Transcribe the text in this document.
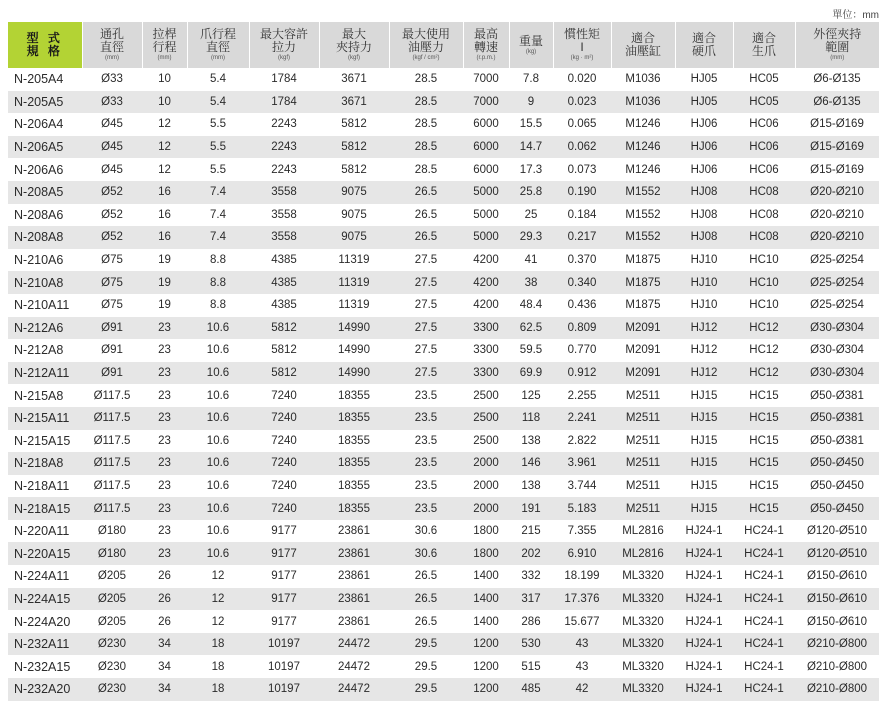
單位：mm
型 式
規 格	通孔
直徑
(mm)	拉桿
行程
(mm)	爪行程
直徑
(mm)	最大容許
拉力
(kgf)	最大
夾持力
(kgf)	最大使用
油壓力
(kgf / cm²)	最高
轉速
(r.p.m.)	重量
(kg)	慣性矩
I
(kg · m²)	適合
油壓缸	適合
硬爪	適合
生爪	外徑夾持
範圍
(mm)

N-205A4	Ø33	10	5.4	1784	3671	28.5	7000	7.8	0.020	M1036	HJ05	HC05	Ø6-Ø135
N-205A5	Ø33	10	5.4	1784	3671	28.5	7000	9	0.023	M1036	HJ05	HC05	Ø6-Ø135
N-206A4	Ø45	12	5.5	2243	5812	28.5	6000	15.5	0.065	M1246	HJ06	HC06	Ø15-Ø169
N-206A5	Ø45	12	5.5	2243	5812	28.5	6000	14.7	0.062	M1246	HJ06	HC06	Ø15-Ø169
N-206A6	Ø45	12	5.5	2243	5812	28.5	6000	17.3	0.073	M1246	HJ06	HC06	Ø15-Ø169
N-208A5	Ø52	16	7.4	3558	9075	26.5	5000	25.8	0.190	M1552	HJ08	HC08	Ø20-Ø210
N-208A6	Ø52	16	7.4	3558	9075	26.5	5000	25	0.184	M1552	HJ08	HC08	Ø20-Ø210
N-208A8	Ø52	16	7.4	3558	9075	26.5	5000	29.3	0.217	M1552	HJ08	HC08	Ø20-Ø210
N-210A6	Ø75	19	8.8	4385	11319	27.5	4200	41	0.370	M1875	HJ10	HC10	Ø25-Ø254
N-210A8	Ø75	19	8.8	4385	11319	27.5	4200	38	0.340	M1875	HJ10	HC10	Ø25-Ø254
N-210A11	Ø75	19	8.8	4385	11319	27.5	4200	48.4	0.436	M1875	HJ10	HC10	Ø25-Ø254
N-212A6	Ø91	23	10.6	5812	14990	27.5	3300	62.5	0.809	M2091	HJ12	HC12	Ø30-Ø304
N-212A8	Ø91	23	10.6	5812	14990	27.5	3300	59.5	0.770	M2091	HJ12	HC12	Ø30-Ø304
N-212A11	Ø91	23	10.6	5812	14990	27.5	3300	69.9	0.912	M2091	HJ12	HC12	Ø30-Ø304
N-215A8	Ø117.5	23	10.6	7240	18355	23.5	2500	125	2.255	M2511	HJ15	HC15	Ø50-Ø381
N-215A11	Ø117.5	23	10.6	7240	18355	23.5	2500	118	2.241	M2511	HJ15	HC15	Ø50-Ø381
N-215A15	Ø117.5	23	10.6	7240	18355	23.5	2500	138	2.822	M2511	HJ15	HC15	Ø50-Ø381
N-218A8	Ø117.5	23	10.6	7240	18355	23.5	2000	146	3.961	M2511	HJ15	HC15	Ø50-Ø450
N-218A11	Ø117.5	23	10.6	7240	18355	23.5	2000	138	3.744	M2511	HJ15	HC15	Ø50-Ø450
N-218A15	Ø117.5	23	10.6	7240	18355	23.5	2000	191	5.183	M2511	HJ15	HC15	Ø50-Ø450
N-220A11	Ø180	23	10.6	9177	23861	30.6	1800	215	7.355	ML2816	HJ24-1	HC24-1	Ø120-Ø510
N-220A15	Ø180	23	10.6	9177	23861	30.6	1800	202	6.910	ML2816	HJ24-1	HC24-1	Ø120-Ø510
N-224A11	Ø205	26	12	9177	23861	26.5	1400	332	18.199	ML3320	HJ24-1	HC24-1	Ø150-Ø610
N-224A15	Ø205	26	12	9177	23861	26.5	1400	317	17.376	ML3320	HJ24-1	HC24-1	Ø150-Ø610
N-224A20	Ø205	26	12	9177	23861	26.5	1400	286	15.677	ML3320	HJ24-1	HC24-1	Ø150-Ø610
N-232A11	Ø230	34	18	10197	24472	29.5	1200	530	43	ML3320	HJ24-1	HC24-1	Ø210-Ø800
N-232A15	Ø230	34	18	10197	24472	29.5	1200	515	43	ML3320	HJ24-1	HC24-1	Ø210-Ø800
N-232A20	Ø230	34	18	10197	24472	29.5	1200	485	42	ML3320	HJ24-1	HC24-1	Ø210-Ø800
